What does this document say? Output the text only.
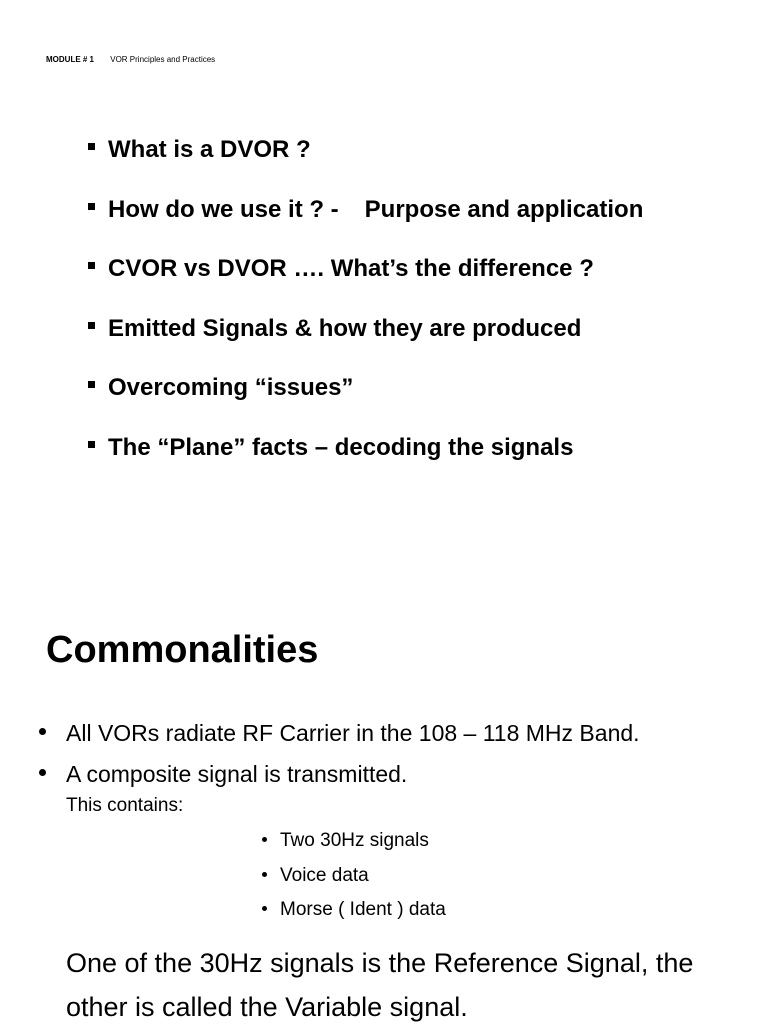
MODULE # 1 VOR Principles and Practices
What is a DVOR ?
How do we use it ? - Purpose and application
CVOR vs DVOR …. What’s the difference ?
Emitted Signals & how they are produced
Overcoming “issues”
The “Plane” facts – decoding the signals
Commonalities
All VORs radiate RF Carrier in the 108 – 118 MHz Band.
A composite signal is transmitted.
This contains:
Two 30Hz signals
Voice data
Morse ( Ident ) data

One of the 30Hz signals is the Reference Signal, the other is called the Variable signal.
